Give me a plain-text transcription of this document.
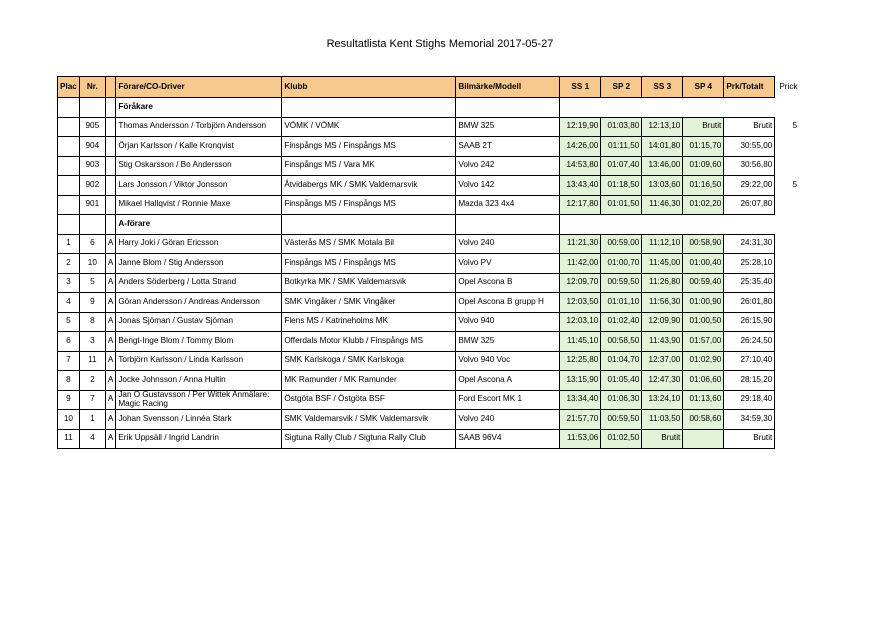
Resultatlista Kent Stighs Memorial 2017-05-27
Plac	Nr.		Förare/CO-Driver	Klubb	Bilmärke/Modell	SS 1	SP 2	SS 3	SP 4	Prk/Totalt	Prick
			Föråkare								
	905		Thomas Andersson / Torbjörn Andersson	VÖMK / VÖMK	BMW 325	12:19,90	01:03,80	12:13,10	Brutit	Brutit	5
	904		Örjan Karlsson / Kalle Kronqvist	Finspångs MS / Finspångs MS	SAAB 2T	14:26,00	01:11,50	14:01,80	01:15,70	30:55,00	
	903		Stig Oskarsson / Bo Andersson	Finspångs MS / Vara MK	Volvo 242	14:53,80	01:07,40	13:46,00	01:09,60	30:56,80	
	902		Lars Jonsson / Viktor Jonsson	Åtvidabergs MK / SMK Valdemarsvik	Volvo 142	13:43,40	01:18,50	13:03,60	01:16,50	29:22,00	5
	901		Mikael Hallqvist / Ronnie Maxe	Finspångs MS / Finspångs MS	Mazda 323 4x4	12:17,80	01:01,50	11:46,30	01:02,20	26:07,80	
			A-förare								
1	6	A	Harry Joki / Göran Ericsson	Västerås MS / SMK Motala Bil	Volvo 240	11:21,30	00:59,00	11:12,10	00:58,90	24:31,30	
2	10	A	Janne Blom / Stig Andersson	Finspångs MS / Finspångs MS	Volvo PV	11:42,00	01:00,70	11:45,00	01:00,40	25:28,10	
3	5	A	Anders Söderberg / Lotta Strand	Botkyrka MK / SMK Valdemarsvik	Opel Ascona B	12:09,70	00:59,50	11:26,80	00:59,40	25:35,40	
4	9	A	Göran Andersson / Andreas Andersson	SMK Vingåker / SMK Vingåker	Opel Ascona B grupp H	12:03,50	01:01,10	11:56,30	01:00,90	26:01,80	
5	8	A	Jonas Sjöman / Gustav Sjöman	Flens MS / Katrineholms MK	Volvo 940	12:03,10	01:02,40	12:09,90	01:00,50	26:15,90	
6	3	A	Bengt-Inge Blom / Tommy Blom	Offerdals Motor Klubb / Finspångs MS	BMW 325	11:45,10	00:58,50	11:43,90	01:57,00	26:24,50	
7	11	A	Torbjörn Karlsson / Linda Karlsson	SMK Karlskoga / SMK Karlskoga	Volvo 940 Voc	12:25,80	01:04,70	12:37,00	01:02,90	27:10,40	
8	2	A	Jocke Johnsson / Anna Hultin	MK Ramunder / MK Ramunder	Opel Ascona A	13:15,90	01:05,40	12:47,30	01:06,60	28:15,20	
9	7	A	Jan O Gustavsson / Per Wittek Anmälare: Magic Racing	Östgöta BSF / Östgöta BSF	Ford Escort MK 1	13:34,40	01:06,30	13:24,10	01:13,60	29:18,40	
10	1	A	Johan Svensson / Linnéa Stark	SMK Valdemarsvik / SMK Valdemarsvik	Volvo 240	21:57,70	00:59,50	11:03,50	00:58,60	34:59,30	
11	4	A	Erik Uppsäll / Ingrid Landrin	Sigtuna Rally Club / Sigtuna Rally Club	SAAB 96V4	11:53,06	01:02,50	Brutit		Brutit	
